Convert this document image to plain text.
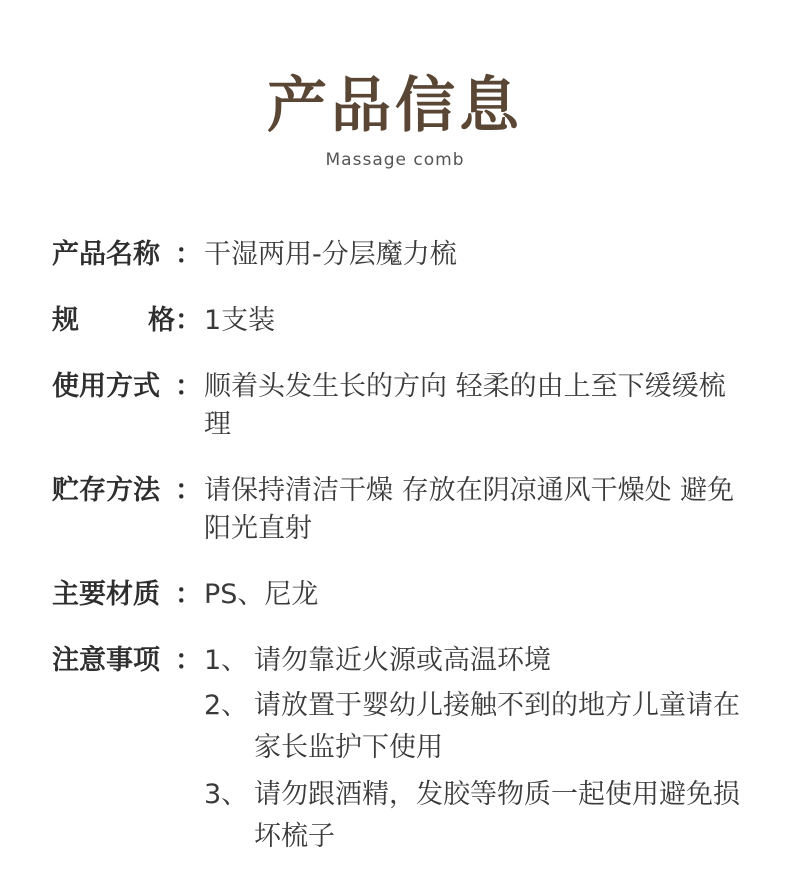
产品信息
Massage comb
产品名称 ： 干湿两用-分层魔力梳
规	格 ： 1支装
使用方式 ： 顺着头发生长的方向 轻柔的由上至下缓缓梳理
贮存方法 ： 请保持清洁干燥 存放在阴凉通风干燥处 避免阳光直射
主要材质 ： PS、尼龙
注意事项 ： 1、 请勿靠近火源或高温环境
2、 请放置于婴幼儿接触不到的地方儿童请在家长监护下使用
3、 请勿跟酒精，发胶等物质一起使用避免损坏梳子
